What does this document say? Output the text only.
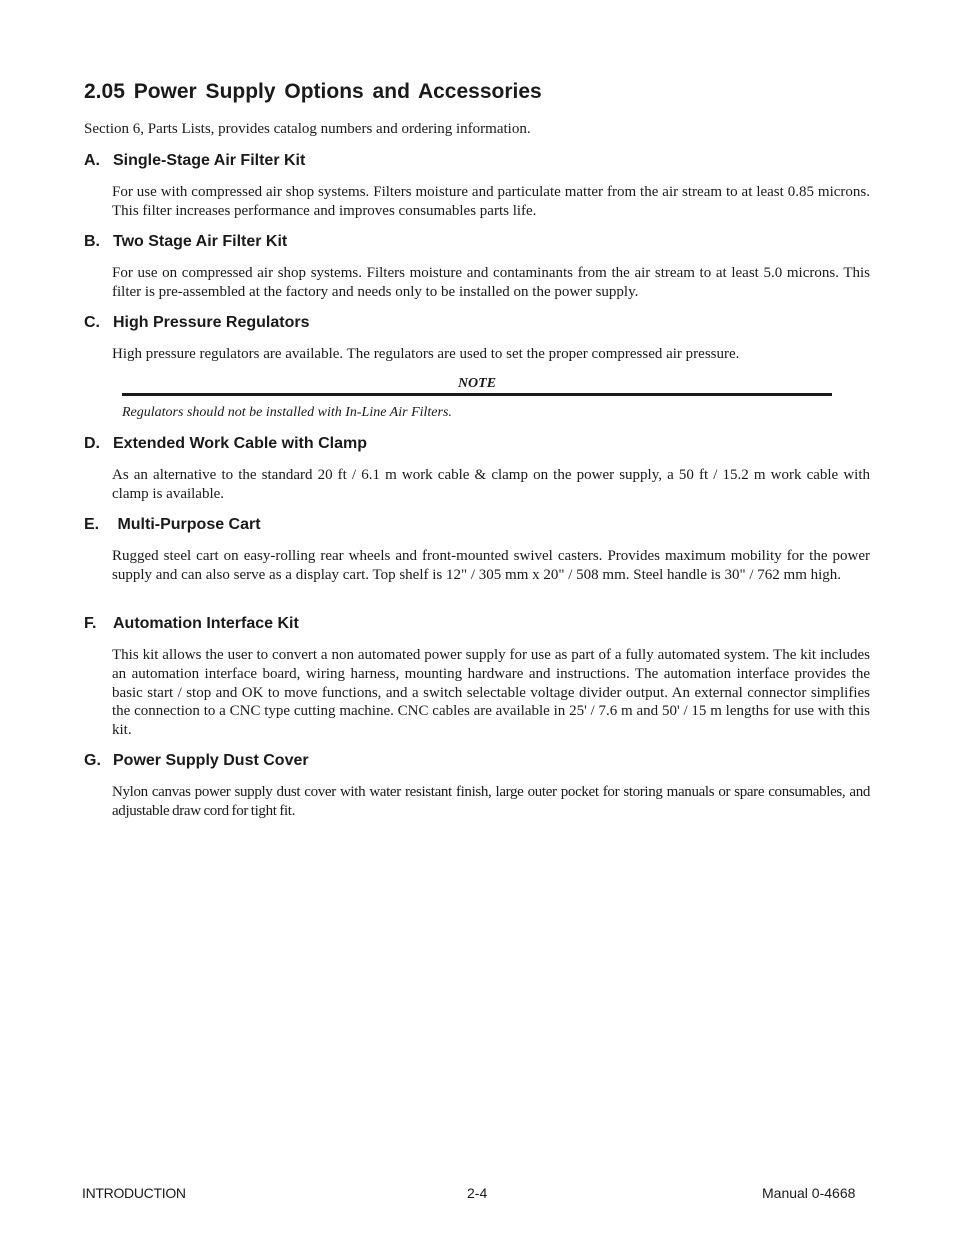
2.05 Power Supply Options and Accessories

Section 6, Parts Lists, provides catalog numbers and ordering information.

A. Single-Stage Air Filter Kit

For use with compressed air shop systems. Filters moisture and particulate matter from the air stream to at least 0.85 microns. This filter increases performance and improves consumables parts life.

B. Two Stage Air Filter Kit

For use on compressed air shop systems. Filters moisture and contaminants from the air stream to at least 5.0 microns. This filter is pre-assembled at the factory and needs only to be installed on the power supply.

C. High Pressure Regulators

High pressure regulators are available. The regulators are used to set the proper compressed air pressure.

NOTE

Regulators should not be installed with In-Line Air Filters.

D. Extended Work Cable with Clamp

As an alternative to the standard 20 ft / 6.1 m work cable & clamp on the power supply, a 50 ft / 15.2 m work cable with clamp is available.

E. Multi-Purpose Cart

Rugged steel cart on easy-rolling rear wheels and front-mounted swivel casters. Provides maximum mobility for the power supply and can also serve as a display cart. Top shelf is 12" / 305 mm x 20" / 508 mm. Steel handle is 30" / 762 mm high.

F. Automation Interface Kit

This kit allows the user to convert a non automated power supply for use as part of a fully automated system. The kit includes an automation interface board, wiring harness, mounting hardware and instructions. The automation interface provides the basic start / stop and OK to move functions, and a switch selectable voltage divider output. An external connector simplifies the connection to a CNC type cutting machine. CNC cables are available in 25' / 7.6 m and 50' / 15 m lengths for use with this kit.

G. Power Supply Dust Cover

Nylon canvas power supply dust cover with water resistant finish, large outer pocket for storing manuals or spare consumables, and adjustable draw cord for tight fit.

INTRODUCTION	2-4	Manual 0-4668
